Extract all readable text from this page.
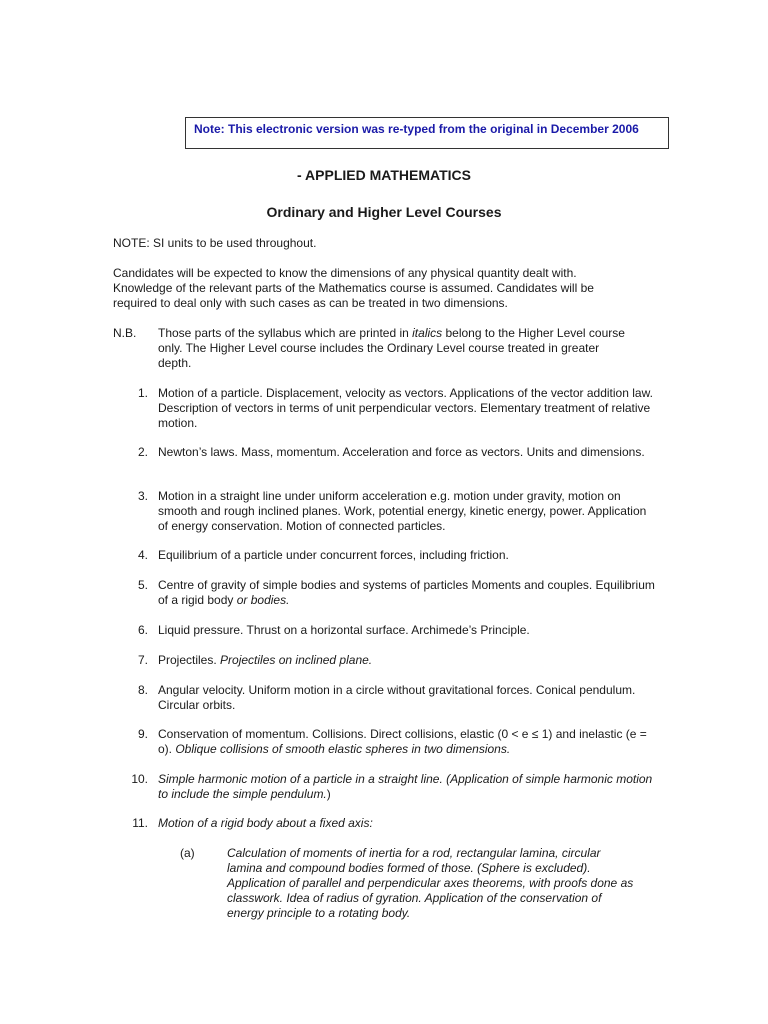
Note: This electronic version was re-typed from the original in December 2006
- APPLIED MATHEMATICS
Ordinary and Higher Level Courses
NOTE: SI units to be used throughout.
Candidates will be expected to know the dimensions of any physical quantity dealt with. Knowledge of the relevant parts of the Mathematics course is assumed. Candidates will be required to deal only with such cases as can be treated in two dimensions.
N.B. Those parts of the syllabus which are printed in italics belong to the Higher Level course only. The Higher Level course includes the Ordinary Level course treated in greater depth.
1. Motion of a particle. Displacement, velocity as vectors. Applications of the vector addition law. Description of vectors in terms of unit perpendicular vectors. Elementary treatment of relative motion.
2. Newton’s laws. Mass, momentum. Acceleration and force as vectors. Units and dimensions.
3. Motion in a straight line under uniform acceleration e.g. motion under gravity, motion on smooth and rough inclined planes. Work, potential energy, kinetic energy, power. Application of energy conservation. Motion of connected particles.
4. Equilibrium of a particle under concurrent forces, including friction.
5. Centre of gravity of simple bodies and systems of particles Moments and couples. Equilibrium of a rigid body or bodies.
6. Liquid pressure. Thrust on a horizontal surface. Archimede’s Principle.
7. Projectiles. Projectiles on inclined plane.
8. Angular velocity. Uniform motion in a circle without gravitational forces. Conical pendulum. Circular orbits.
9. Conservation of momentum. Collisions. Direct collisions, elastic (0 < e ≤ 1) and inelastic (e = o). Oblique collisions of smooth elastic spheres in two dimensions.
10. Simple harmonic motion of a particle in a straight line. (Application of simple harmonic motion to include the simple pendulum.)
11. Motion of a rigid body about a fixed axis:
(a)	Calculation of moments of inertia for a rod, rectangular lamina, circular lamina and compound bodies formed of those. (Sphere is excluded). Application of parallel and perpendicular axes theorems, with proofs done as classwork. Idea of radius of gyration. Application of the conservation of energy principle to a rotating body.
